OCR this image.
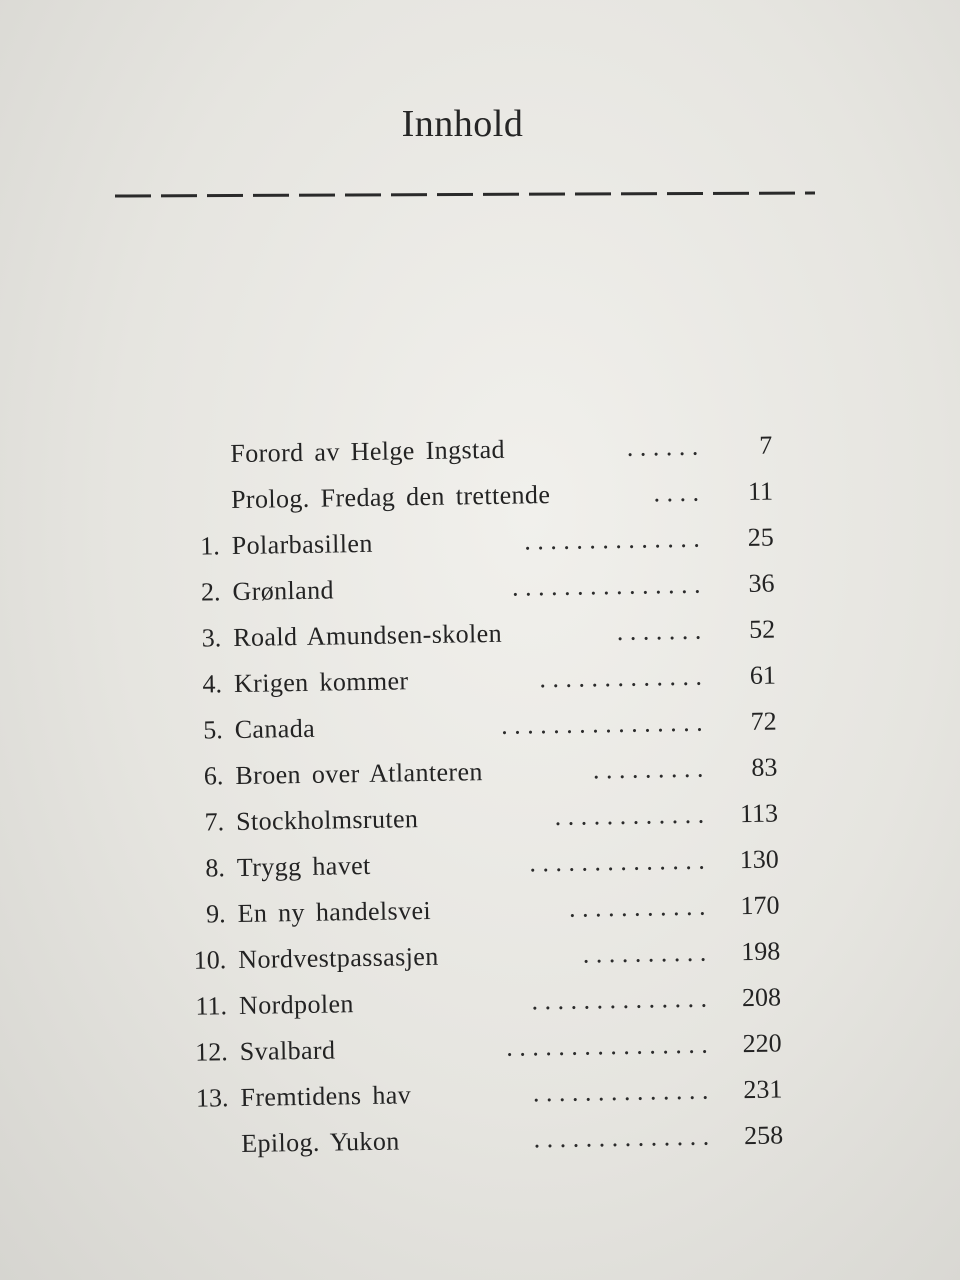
Innhold
Forord av Helge Ingstad	. . . . . .	7
Prolog. Fredag den trettende	. . . .	11
1. Polarbasillen	. . . . . . . . . . . . . .	25
2. Grønland	. . . . . . . . . . . . . . .	36
3. Roald Amundsen-skolen	. . . . . . .	52
4. Krigen kommer	. . . . . . . . . . . . .	61
5. Canada	. . . . . . . . . . . . . . . .	72
6. Broen over Atlanteren	. . . . . . . . .	83
7. Stockholmsruten	. . . . . . . . . . . .	113
8. Trygg havet	. . . . . . . . . . . . . .	130
9. En ny handelsvei	. . . . . . . . . . .	170
10. Nordvestpassasjen	. . . . . . . . . .	198
11. Nordpolen	. . . . . . . . . . . . . .	208
12. Svalbard	. . . . . . . . . . . . . . . .	220
13. Fremtidens hav	. . . . . . . . . . . . . .	231
Epilog. Yukon	. . . . . . . . . . . . . .	258
